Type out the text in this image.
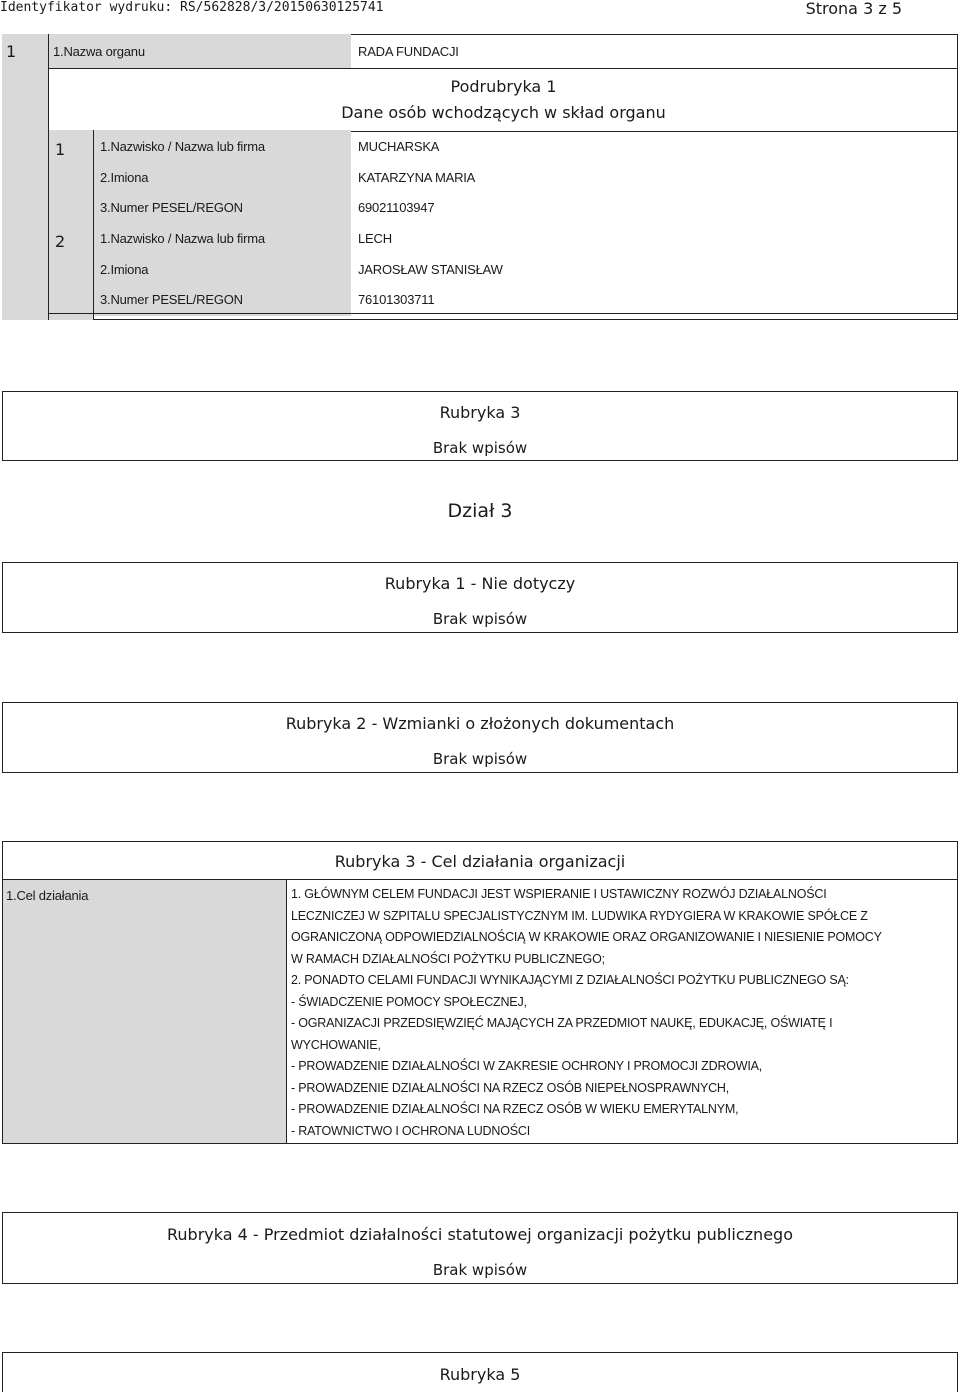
Identyfikator wydruku: RS/562828/3/20150630125741	Strona 3 z 5
1	1.Nazwa organu	RADA FUNDACJI
Podrubryka 1
Dane osób wchodzących w skład organu
1	1.Nazwisko / Nazwa lub firma	MUCHARSKA
2.Imiona	KATARZYNA MARIA
3.Numer PESEL/REGON	69021103947
2	1.Nazwisko / Nazwa lub firma	LECH
2.Imiona	JAROSŁAW STANISŁAW
3.Numer PESEL/REGON	76101303711
Rubryka 3
Brak wpisów
Dział 3
Rubryka 1 - Nie dotyczy
Brak wpisów
Rubryka 2 - Wzmianki o złożonych dokumentach
Brak wpisów
Rubryka 3 - Cel działania organizacji
1.Cel działania	1. GŁÓWNYM CELEM FUNDACJI JEST WSPIERANIE I USTAWICZNY ROZWÓJ DZIAŁALNOŚCI
LECZNICZEJ W SZPITALU SPECJALISTYCZNYM IM. LUDWIKA RYDYGIERA W KRAKOWIE SPÓŁCE Z
OGRANICZONĄ ODPOWIEDZIALNOŚCIĄ W KRAKOWIE ORAZ ORGANIZOWANIE I NIESIENIE POMOCY
W RAMACH DZIAŁALNOŚCI POŻYTKU PUBLICZNEGO;
2. PONADTO CELAMI FUNDACJI WYNIKAJĄCYMI Z DZIAŁALNOŚCI POŻYTKU PUBLICZNEGO SĄ:
- ŚWIADCZENIE POMOCY SPOŁECZNEJ,
- OGRANIZACJI PRZEDSIĘWZIĘĆ MAJĄCYCH ZA PRZEDMIOT NAUKĘ, EDUKACJĘ, OŚWIATĘ I
WYCHOWANIE,
- PROWADZENIE DZIAŁALNOŚCI W ZAKRESIE OCHRONY I PROMOCJI ZDROWIA,
- PROWADZENIE DZIAŁALNOŚCI NA RZECZ OSÓB NIEPEŁNOSPRAWNYCH,
- PROWADZENIE DZIAŁALNOŚCI NA RZECZ OSÓB W WIEKU EMERYTALNYM,
- RATOWNICTWO I OCHRONA LUDNOŚCI
Rubryka 4 - Przedmiot działalności statutowej organizacji pożytku publicznego
Brak wpisów
Rubryka 5
